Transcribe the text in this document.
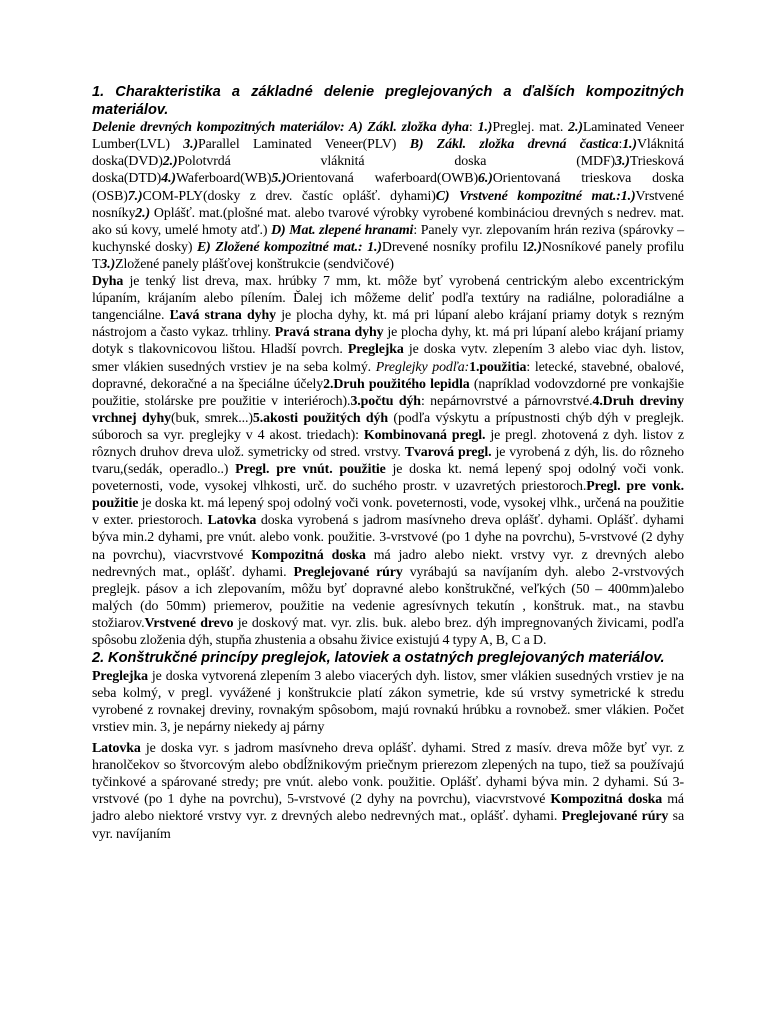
1. Charakteristika a základné delenie preglejovaných a ďalších kompozitných materiálov.

Delenie drevných kompozitných materiálov: A) Zákl. zložka dyha: 1.)Preglej. mat. 2.)Laminated Veneer Lumber(LVL) 3.)Parallel Laminated Veneer(PLV) B) Zákl. zložka drevná častica:1.)Vláknitá doska(DVD)2.)Polotvrdá vláknitá doska (MDF)3.)Triesková doska(DTD)4.)Waferboard(WB)5.)Orientovaná waferboard(OWB)6.)Orientovaná trieskova doska (OSB)7.)COM-PLY(dosky z drev. častíc oplášť. dyhami)C) Vrstvené kompozitné mat.:1.)Vrstvené nosníky2.) Oplášť. mat.(plošné mat. alebo tvarové výrobky vyrobené kombináciou drevných s nedrev. mat. ako sú kovy, umelé hmoty atď.) D) Mat. zlepené hranami: Panely vyr. zlepovaním hrán reziva (spárovky – kuchynské dosky) E) Zložené kompozitné mat.: 1.)Drevené nosníky profilu I2.)Nosníkové panely profilu T3.)Zložené panely plášťovej konštrukcie (sendvičové)

Dyha je tenký list dreva, max. hrúbky 7 mm, kt. môže byť vyrobená centrickým alebo excentrickým lúpaním, krájaním alebo pílením. Ďalej ich môžeme deliť podľa textúry na radiálne, poloradiálne a tangenciálne. Ľavá strana dyhy je plocha dyhy, kt. má pri lúpaní alebo krájaní priamy dotyk s rezným nástrojom a často vykaz. trhliny. Pravá strana dyhy je plocha dyhy, kt. má pri lúpaní alebo krájaní priamy dotyk s tlakovnicovou lištou. Hladší povrch. Preglejka je doska vytv. zlepením 3 alebo viac dyh. listov, smer vlákien susedných vrstiev je na seba kolmý. Preglejky podľa:1.použitia: letecké, stavebné, obalové, dopravné, dekoračné a na špeciálne účely2.Druh použitého lepidla (napríklad vodovzdorné pre vonkajšie použitie, stolárske pre použitie v interiéroch).3.počtu dýh: nepárnovrstvé a párnovrstvé.4.Druh dreviny vrchnej dyhy(buk, smrek...)5.akosti použitých dýh (podľa výskytu a prípustnosti chýb dýh v preglejk. súboroch sa vyr. preglejky v 4 akost. triedach): Kombinovaná pregl. je pregl. zhotovená z dyh. listov z rôznych druhov dreva ulož. symetricky od stred. vrstvy. Tvarová pregl. je vyrobená z dýh, lis. do rôzneho tvaru,(sedák, operadlo..) Pregl. pre vnút. použitie je doska kt. nemá lepený spoj odolný voči vonk. poveternosti, vode, vysokej vlhkosti, urč. do suchého prostr. v uzavretých priestoroch.Pregl. pre vonk. použitie je doska kt. má lepený spoj odolný voči vonk. poveternosti, vode, vysokej vlhk., určená na použitie v exter. priestoroch. Latovka doska vyrobená s jadrom masívneho dreva oplášť. dyhami. Oplášť. dyhami býva min.2 dyhami, pre vnút. alebo vonk. použitie. 3-vrstvové (po 1 dyhe na povrchu), 5-vrstvové (2 dyhy na povrchu), viacvrstvové Kompozitná doska má jadro alebo niekt. vrstvy vyr. z drevných alebo nedrevných mat., oplášť. dyhami. Preglejované rúry vyrábajú sa navíjaním dyh. alebo 2-vrstvových preglejk. pásov a ich zlepovaním, môžu byť dopravné alebo konštrukčné, veľkých (50 – 400mm)alebo malých (do 50mm) priemerov, použitie na vedenie agresívnych tekutín , konštruk. mat., na stavbu stožiarov.Vrstvené drevo je doskový mat. vyr. zlis. buk. alebo brez. dýh impregnovaných živicami, podľa spôsobu zloženia dýh, stupňa zhustenia a obsahu živice existujú 4 typy A, B, C a D.

2. Konštrukčné princípy preglejok, latoviek a ostatných preglejovaných materiálov.

Preglejka je doska vytvorená zlepením 3 alebo viacerých dyh. listov, smer vlákien susedných vrstiev je na seba kolmý, v pregl. vyvážené j konštrukcie platí zákon symetrie, kde sú vrstvy symetrické k stredu vyrobené z rovnakej dreviny, rovnakým spôsobom, majú rovnakú hrúbku a rovnobež. smer vlákien. Počet vrstiev min. 3, je nepárny niekedy aj párny

Latovka je doska vyr. s jadrom masívneho dreva oplášť. dyhami. Stred z masív. dreva môže byť vyr. z hranolčekov so štvorcovým alebo obdĺžnikovým priečnym prierezom zlepených na tupo, tiež sa používajú tyčinkové a spárované stredy; pre vnút. alebo vonk. použitie. Oplášť. dyhami býva min. 2 dyhami. Sú 3-vrstvové (po 1 dyhe na povrchu), 5-vrstvové (2 dyhy na povrchu), viacvrstvové Kompozitná doska má jadro alebo niektoré vrstvy vyr. z drevných alebo nedrevných mat., oplášť. dyhami. Preglejované rúry sa vyr. navíjaním
